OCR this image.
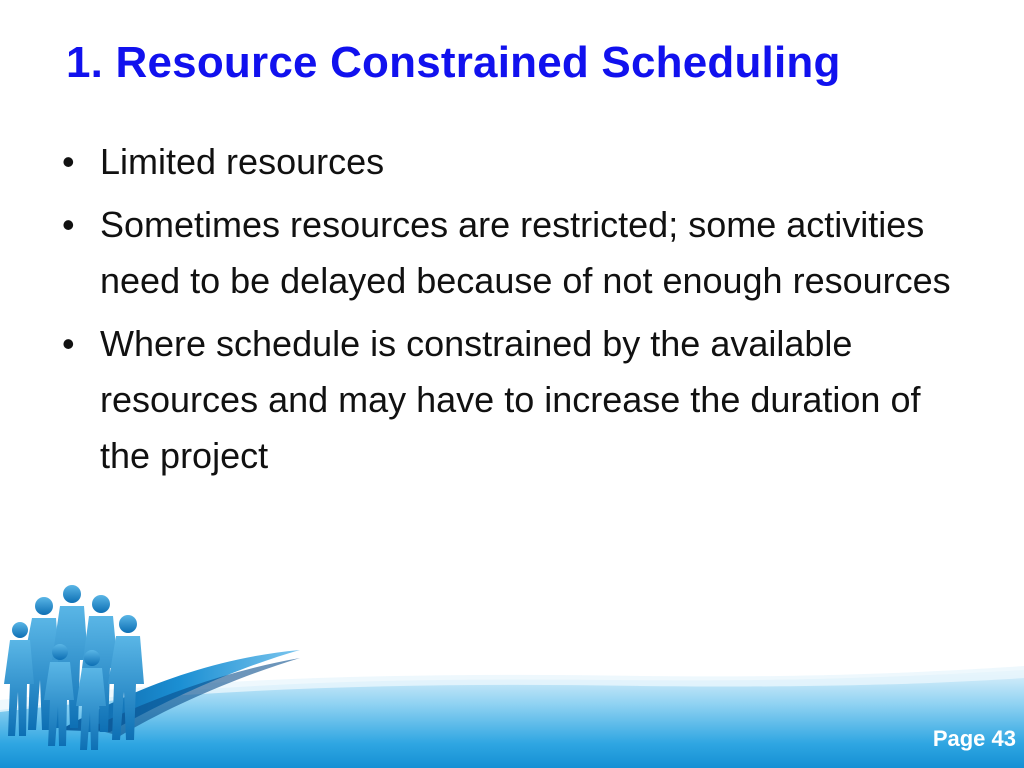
1. Resource Constrained Scheduling
• Limited resources
• Sometimes resources are restricted; some activities need to be delayed because of not enough resources
• Where schedule is constrained by the available resources and may have to increase the duration of the project
Page 43
